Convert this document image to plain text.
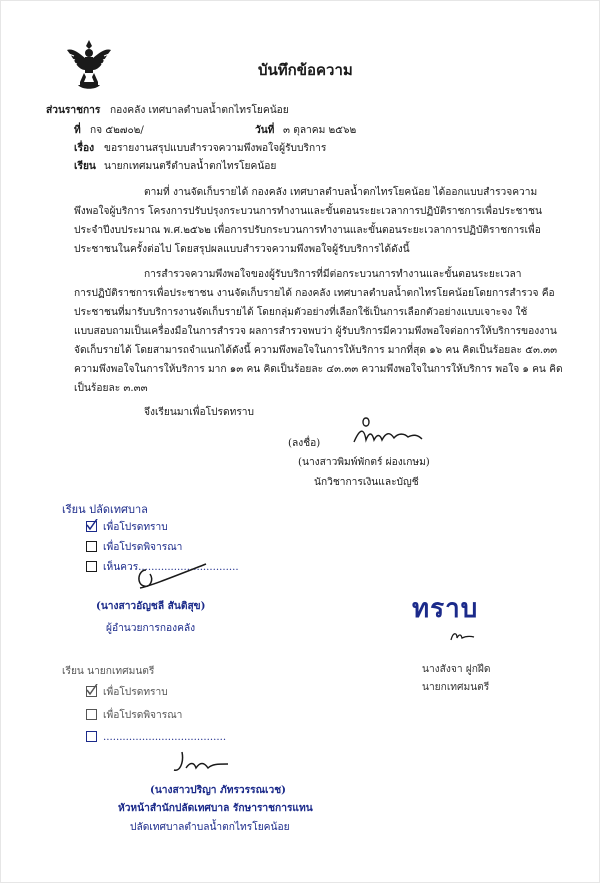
บันทึกข้อความ
ส่วนราชการ กองคลัง เทศบาลตำบลน้ำตกไทรโยคน้อย
ที่ กจ ๕๒๗๐๒/	วันที่ ๓ ตุลาคม ๒๕๖๒
เรื่อง ขอรายงานสรุปแบบสำรวจความพึงพอใจผู้รับบริการ
เรียน นายกเทศมนตรีตำบลน้ำตกไทรโยคน้อย
ตามที่ งานจัดเก็บรายได้ กองคลัง เทศบาลตำบลน้ำตกไทรโยคน้อย ได้ออกแบบสำรวจความ
พึงพอใจผู้บริการ โครงการปรับปรุงกระบวนการทำงานและขั้นตอนระยะเวลาการปฏิบัติราชการเพื่อประชาชน
ประจำปีงบประมาณ พ.ศ.๒๕๖๒ เพื่อการปรับกระบวนการทำงานและขั้นตอนระยะเวลาการปฏิบัติราชการเพื่อ
ประชาชนในครั้งต่อไป โดยสรุปผลแบบสำรวจความพึงพอใจผู้รับบริการได้ดังนี้
การสำรวจความพึงพอใจของผู้รับบริการที่มีต่อกระบวนการทำงานและขั้นตอนระยะเวลา
การปฏิบัติราชการเพื่อประชาชน งานจัดเก็บรายได้ กองคลัง เทศบาลตำบลน้ำตกไทรโยคน้อยโดยการสำรวจ คือ
ประชาชนที่มารับบริการงานจัดเก็บรายได้ โดยกลุ่มตัวอย่างที่เลือกใช้เป็นการเลือกตัวอย่างแบบเจาะจง ใช้
แบบสอบถามเป็นเครื่องมือในการสำรวจ ผลการสำรวจพบว่า ผู้รับบริการมีความพึงพอใจต่อการให้บริการของงาน
จัดเก็บรายได้ โดยสามารถจำแนกได้ดังนี้ ความพึงพอใจในการให้บริการ มากที่สุด ๑๖ คน คิดเป็นร้อยละ ๕๓.๓๓
ความพึงพอใจในการให้บริการ มาก ๑๓ คน คิดเป็นร้อยละ ๔๓.๓๓ ความพึงพอใจในการให้บริการ พอใจ ๑ คน คิด
เป็นร้อยละ ๓.๓๓
จึงเรียนมาเพื่อโปรดทราบ
(ลงชื่อ)
(นางสาวพิมพ์พักตร์ ผ่องเกษม)
นักวิชาการเงินและบัญชี
เรียน ปลัดเทศบาล
เพื่อโปรดทราบ
เพื่อโปรดพิจารณา
เห็นควร...............................
(นางสาวอัญชลี สันติสุข)
ผู้อำนวยการกองคลัง
ทราบ
นางสังจา ฝูกฝึด
นายกเทศมนตรี
เรียน นายกเทศมนตรี
เพื่อโปรดทราบ
เพื่อโปรดพิจารณา
......................................
(นางสาวปริญา ภัทรวรรณเวช)
หัวหน้าสำนักปลัดเทศบาล รักษาราชการแทน
ปลัดเทศบาลตำบลน้ำตกไทรโยคน้อย
